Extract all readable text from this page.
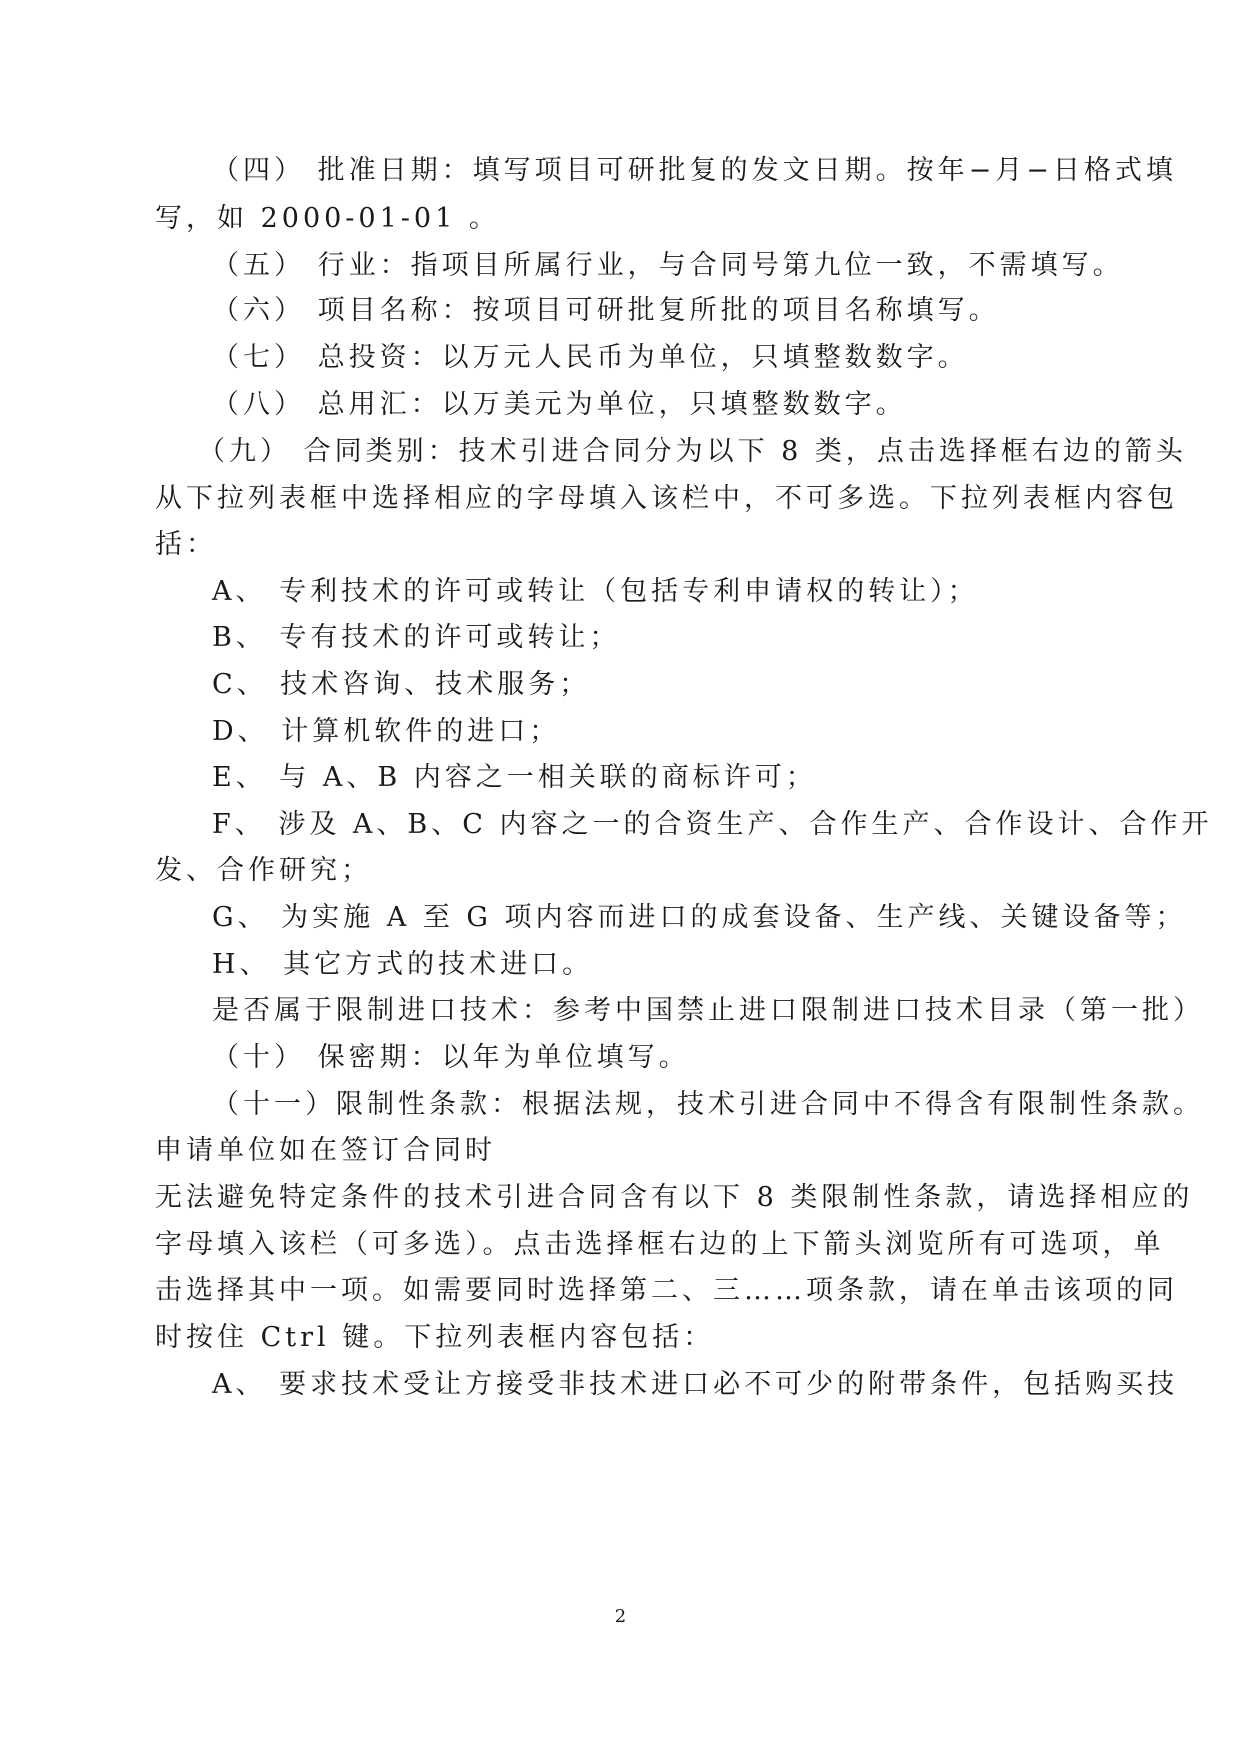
（四） 批准日期：填写项目可研批复的发文日期。按年−月−日格式填
写，如 2000-01-01 。
（五） 行业：指项目所属行业，与合同号第九位一致，不需填写。
（六） 项目名称：按项目可研批复所批的项目名称填写。
（七） 总投资：以万元人民币为单位，只填整数数字。
（八） 总用汇：以万美元为单位，只填整数数字。
（九） 合同类别：技术引进合同分为以下 8 类，点击选择框右边的箭头
从下拉列表框中选择相应的字母填入该栏中，不可多选。下拉列表框内容包
括：
A、 专利技术的许可或转让（包括专利申请权的转让）；
B、 专有技术的许可或转让；
C、 技术咨询、技术服务；
D、 计算机软件的进口；
E、 与 A、B 内容之一相关联的商标许可；
F、 涉及 A、B、C 内容之一的合资生产、合作生产、合作设计、合作开
发、合作研究；
G、 为实施 A 至 G 项内容而进口的成套设备、生产线、关键设备等；
H、 其它方式的技术进口。
是否属于限制进口技术：参考中国禁止进口限制进口技术目录（第一批）
（十） 保密期：以年为单位填写。
（十一）限制性条款：根据法规，技术引进合同中不得含有限制性条款。
申请单位如在签订合同时
无法避免特定条件的技术引进合同含有以下 8 类限制性条款，请选择相应的
字母填入该栏（可多选）。点击选择框右边的上下箭头浏览所有可选项，单
击选择其中一项。如需要同时选择第二、三……项条款，请在单击该项的同
时按住 Ctrl 键。下拉列表框内容包括：
A、 要求技术受让方接受非技术进口必不可少的附带条件，包括购买技
2
